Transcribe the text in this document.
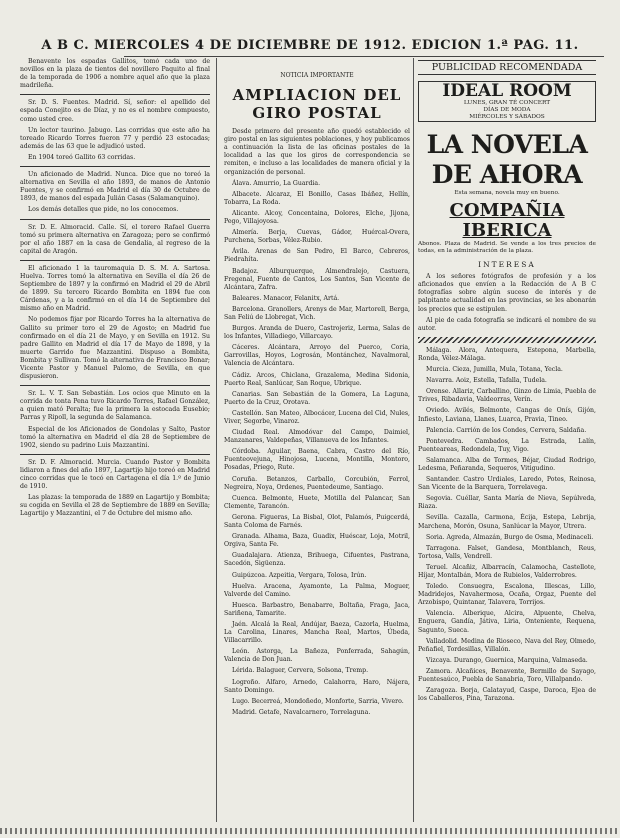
A B C. MIERCOLES 4 DE DICIEMBRE DE 1912. EDICION 1.ª PAG. 11.

Benavente los espadas Gallitos, tomó cada uno de novillos en la plaza de tientos del novillero Paquito al final de la temporada de 1906 a nombre aquel año que la plaza madrileña.

Sr. D. S. Fuentes. Madrid. Sí, señor: el apellido del espada Conejito es de Díaz, y no es el nombre compuesto, como usted cree.

Un lector taurino. Jabugo. Las corridas que este año ha toreado Ricardo Torres fueron 77 y perdió 23 estocadas; además de las 63 que le adjudicó usted.

En 1904 toreó Gallito 63 corridas.

Un aficionado de Madrid. Nunca. Dice que no toreó la alternativa en Sevilla el año 1893, de manos de Antonio Fuentes, y se confirmó en Madrid el día 30 de Octubre de 1893, de manos del espada Julián Casas (Salamanquino).

Los demás detalles que pide, no los conocemos.

Sr. D. E. Almoracid. Calle. Sí, el torero Rafael Guerra tomó su primera alternativa en Zaragoza; pero se confirmó por el año 1887 en la casa de Gendalia, al regreso de la capital de Aragón.

El aficionado 1 la tauromaquia D. S. M. A. Sartosa. Huelva. Torres tomó la alternativa en Sevilla el día 26 de Septiembre de 1897 y la confirmó en Madrid el 29 de Abril de 1899. Su tercero Ricardo Bombita en 1894 fue con Cárdenas, y a la confirmó en el día 14 de Septiembre del mismo año en Madrid.

No podemos fijar por Ricardo Torres ha la alternativa de Gallito su primer toro el 29 de Agosto; en Madrid fue confirmado en el día 21 de Mayo, y en Sevilla en 1912. Su padre Gallito en Madrid el día 17 de Mayo de 1898, y la muerte Garrido fue Mazzantini. Dispuso a Bombita, Bombita y Sullivan. Tomó la alternativa de Francisco Bonar; Vicente Pastor y Manuel Palomo, de Sevilla, en que dispusieron.

Sr. L. V. T. San Sebastián. Los ocios que Minuto en la corrida de tonta Pena tuvo Ricardo Torres, Rafael González, a quien mató Peralta; fue la primera la estocada Eusebio; Parras y Ripoll, la segunda de Salamanca.

Especial de los Aficionados de Gondolas y Salto, Pastor tomó la alternativa en Madrid el día 28 de Septiembre de 1902, siendo su padrino Luis Mazzantini.

Sr. D. F. Almoracid. Murcia. Cuando Pastor y Bombita lidiaron a fines del año 1897, Lagartijo hijo toreó en Madrid cinco corridas que le tocó en Cartagena el día 1.º de Junio de 1910.

Las plazas: la temporada de 1889 en Lagartijo y Bombita; su cogida en Sevilla el 28 de Septiembre de 1889 en Sevilla; Lagartijo y Mazzantini, el 7 de Octubre del mismo año.

NOTICIA IMPORTANTE
AMPLIACION DEL
GIRO POSTAL

Desde primero del presente año quedó establecido el giro postal en las siguientes poblaciones, y hoy publicamos a continuación la lista de las oficinas postales de la localidad a las que los giros de correspondencia se remiten, e incluso a las localidades de manera oficial y la organización de personal.

Álava. Amurrio, La Guardia.

Albacete. Alcaraz, El Bonillo, Casas Ibáñez, Hellín, Tobarra, La Roda.

Alicante. Alcoy, Concentaina, Dolores, Elche, Jijona, Pego, Villajoyosa.

Almería. Berja, Cuevas, Gádor, Huércal-Overa, Purchena, Sorbas, Vélez-Rubio.

Ávila. Arenas de San Pedro, El Barco, Cebreros, Piedrahíta.

Badajoz. Alburquerque, Almendralejo, Castuera, Fregenal, Fuente de Cantos, Los Santos, San Vicente de Alcántara, Zafra.

Baleares. Manacor, Felanitx, Artá.

Barcelona. Granollers, Arenys de Mar, Martorell, Berga, San Feliú de Llobregat, Vich.

Burgos. Aranda de Duero, Castrojeriz, Lerma, Salas de los Infantes, Villadiego, Villarcayo.

Cáceres. Alcántara, Arroyo del Puerco, Coria, Garrovillas, Hoyos, Logrosán, Montánchez, Navalmoral, Valencia de Alcántara.

Cádiz. Arcos, Chiclana, Grazalema, Medina Sidonia, Puerto Real, Sanlúcar, San Roque, Ubrique.

Canarias. San Sebastián de la Gomera, La Laguna, Puerto de la Cruz, Orotava.

Castellón. San Mateo, Albocácer, Lucena del Cid, Nules, Viver, Segorbe, Vinaroz.

Ciudad Real. Almodóvar del Campo, Daimiel, Manzanares, Valdepeñas, Villanueva de los Infantes.

Córdoba. Aguilar, Baena, Cabra, Castro del Río, Fuenteovejuna, Hinojosa, Lucena, Montilla, Montoro, Posadas, Priego, Rute.

Coruña. Betanzos, Carballo, Corcubión, Ferrol, Negreira, Noya, Ordenes, Puentedeume, Santiago.

Cuenca. Belmonte, Huete, Motilla del Palancar, San Clemente, Tarancón.

Gerona. Figueras, La Bisbal, Olot, Palamós, Puigcerdá, Santa Coloma de Farnés.

Granada. Alhama, Baza, Guadix, Huéscar, Loja, Motril, Orgiva, Santa Fe.

Guadalajara. Atienza, Brihuega, Cifuentes, Pastrana, Sacedón, Sigüenza.

Guipúzcoa. Azpeitia, Vergara, Tolosa, Irún.

Huelva. Aracena, Ayamonte, La Palma, Moguer, Valverde del Camino.

Huesca. Barbastro, Benabarre, Boltaña, Fraga, Jaca, Sariñena, Tamarite.

Jaén. Alcalá la Real, Andújar, Baeza, Cazorla, Huelma, La Carolina, Linares, Mancha Real, Martos, Úbeda, Villacarrillo.

León. Astorga, La Bañeza, Ponferrada, Sahagún, Valencia de Don Juan.

Lérida. Balaguer, Cervera, Solsona, Tremp.

Logroño. Alfaro, Arnedo, Calahorra, Haro, Nájera, Santo Domingo.

Lugo. Becerreá, Mondoñedo, Monforte, Sarria, Vivero.

Madrid. Getafe, Navalcarnero, Torrelaguna.

PUBLICIDAD RECOMENDADA
IDEAL ROOM
LUNES, GRAN TÉ CONCERT
DÍAS DE MODA
MIÉRCOLES Y SÁBADOS
LA NOVELA DE AHORA
Esta semana, novela muy en bueno.
COMPAÑIA IBERICA
Abonos. Plaza de Madrid. Se vende a los tres precios de todas, en la administración de la plaza.
INTERESA

A los señores fotógrafos de profesión y a los aficionados que envíen a la Redacción de A B C fotografías sobre algún suceso de interés y de palpitante actualidad en las provincias, se les abonarán los precios que se estipulen.

Al pie de cada fotografía se indicará el nombre de su autor.

Málaga. Alora, Antequera, Estepona, Marbella, Ronda, Vélez-Málaga.

Murcia. Cieza, Jumilla, Mula, Totana, Yecla.

Navarra. Aoiz, Estella, Tafalla, Tudela.

Orense. Allariz, Carballino, Ginzo de Limia, Puebla de Trives, Ribadavia, Valdeorras, Verín.

Oviedo. Avilés, Belmonte, Cangas de Onís, Gijón, Infiesto, Laviana, Llanes, Luarca, Pravia, Tineo.

Palencia. Carrión de los Condes, Cervera, Saldaña.

Pontevedra. Cambados, La Estrada, Lalín, Puenteareas, Redondela, Tuy, Vigo.

Salamanca. Alba de Tormes, Béjar, Ciudad Rodrigo, Ledesma, Peñaranda, Sequeros, Vitigudino.

Santander. Castro Urdiales, Laredo, Potes, Reinosa, San Vicente de la Barquera, Torrelavega.

Segovia. Cuéllar, Santa María de Nieva, Sepúlveda, Riaza.

Sevilla. Cazalla, Carmona, Écija, Estepa, Lebrija, Marchena, Morón, Osuna, Sanlúcar la Mayor, Utrera.

Soria. Agreda, Almazán, Burgo de Osma, Medinaceli.

Tarragona. Falset, Gandesa, Montblanch, Reus, Tortosa, Valls, Vendrell.

Teruel. Alcañiz, Albarracín, Calamocha, Castellote, Híjar, Montalbán, Mora de Rubielos, Valderrobres.

Toledo. Consuegra, Escalona, Illescas, Lillo, Madridejos, Navahermosa, Ocaña, Orgaz, Puente del Arzobispo, Quintanar, Talavera, Torrijos.

Valencia. Alberique, Alcira, Alpuente, Chelva, Enguera, Gandía, Játiva, Liria, Onteniente, Requena, Sagunto, Sueca.

Valladolid. Medina de Rioseco, Nava del Rey, Olmedo, Peñafiel, Tordesillas, Villalón.

Vizcaya. Durango, Guernica, Marquina, Valmaseda.

Zamora. Alcañices, Benavente, Bermillo de Sayago, Fuentesaúco, Puebla de Sanabria, Toro, Villalpando.

Zaragoza. Borja, Calatayud, Caspe, Daroca, Ejea de los Caballeros, Pina, Tarazona.
